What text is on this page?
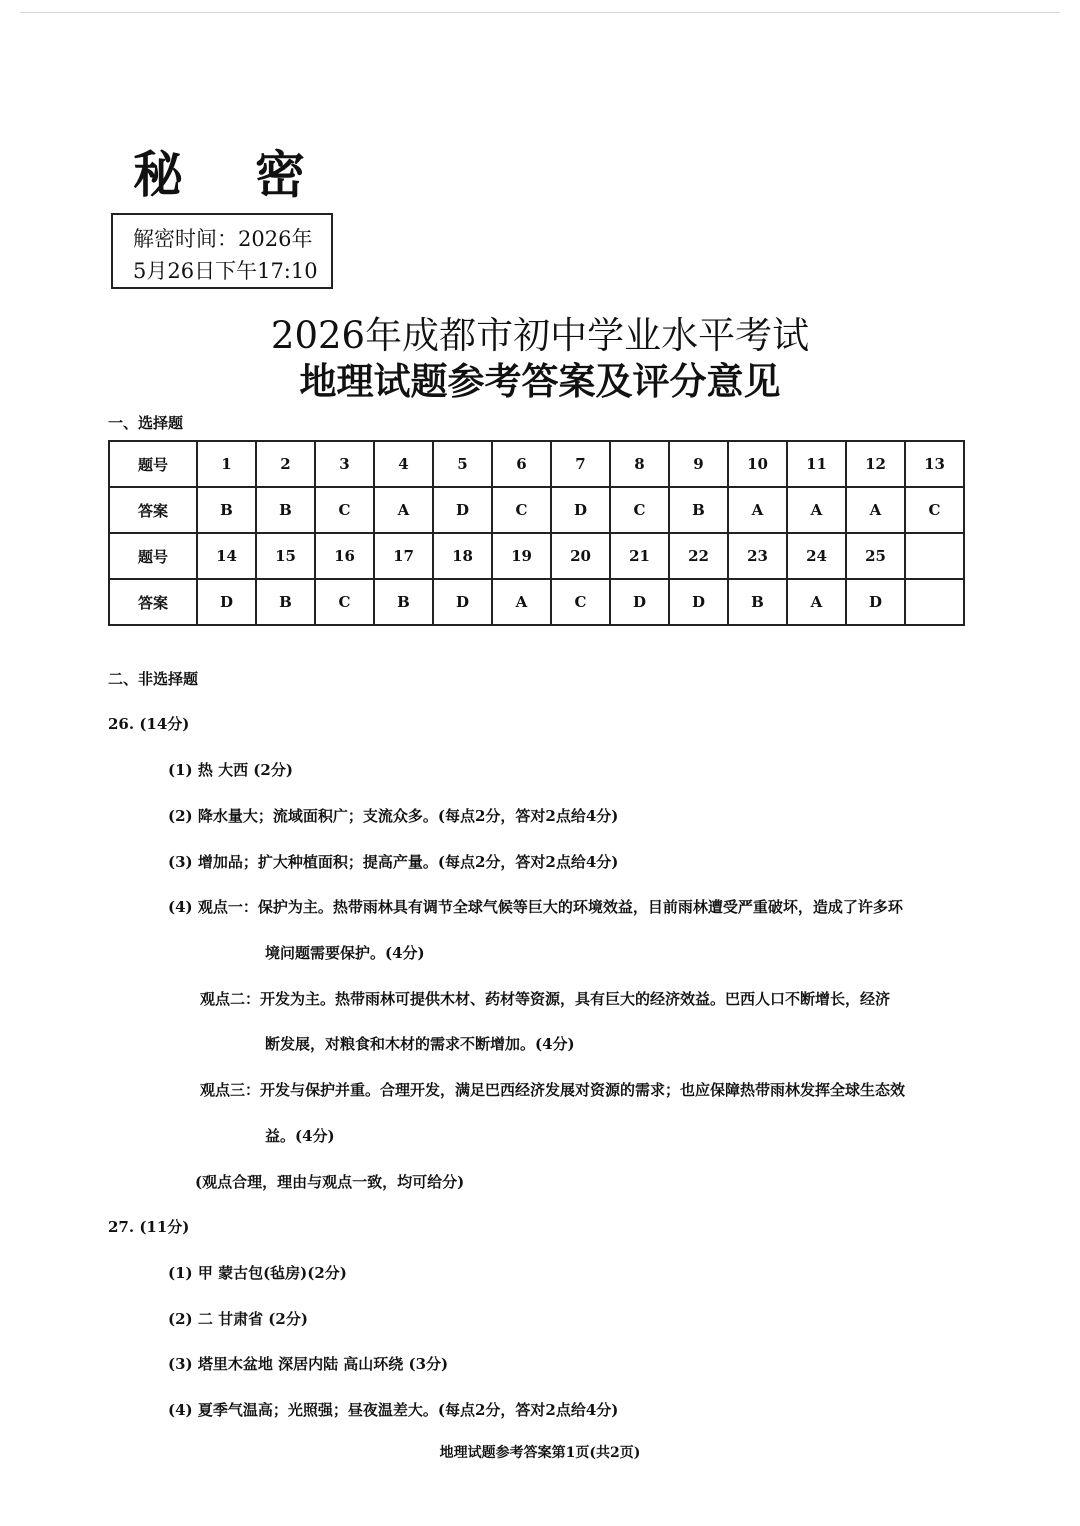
秘 密
解密时间：2026年
5月26日下午17:10
2026年成都市初中学业水平考试
地理试题参考答案及评分意见
一、选择题
题号	1	2	3	4	5	6	7	8	9	10	11	12	13
答案	B	B	C	A	D	C	D	C	B	A	A	A	C
题号	14	15	16	17	18	19	20	21	22	23	24	25	
答案	D	B	C	B	D	A	C	D	D	B	A	D	
二、非选择题
26. (14分)
(1) 热 大西 (2分)
(2) 降水量大；流域面积广；支流众多。(每点2分，答对2点给4分)
(3) 增加品；扩大种植面积；提高产量。(每点2分，答对2点给4分)
(4) 观点一：保护为主。热带雨林具有调节全球气候等巨大的环境效益，目前雨林遭受严重破坏，造成了许多环
境问题需要保护。(4分)
观点二：开发为主。热带雨林可提供木材、药材等资源，具有巨大的经济效益。巴西人口不断增长，经济
断发展，对粮食和木材的需求不断增加。(4分)
观点三：开发与保护并重。合理开发，满足巴西经济发展对资源的需求；也应保障热带雨林发挥全球生态效
益。(4分)
(观点合理，理由与观点一致，均可给分)
27. (11分)
(1) 甲 蒙古包(毡房)(2分)
(2) 二 甘肃省 (2分)
(3) 塔里木盆地 深居内陆 高山环绕 (3分)
(4) 夏季气温高；光照强；昼夜温差大。(每点2分，答对2点给4分)
地理试题参考答案第1页(共2页)
